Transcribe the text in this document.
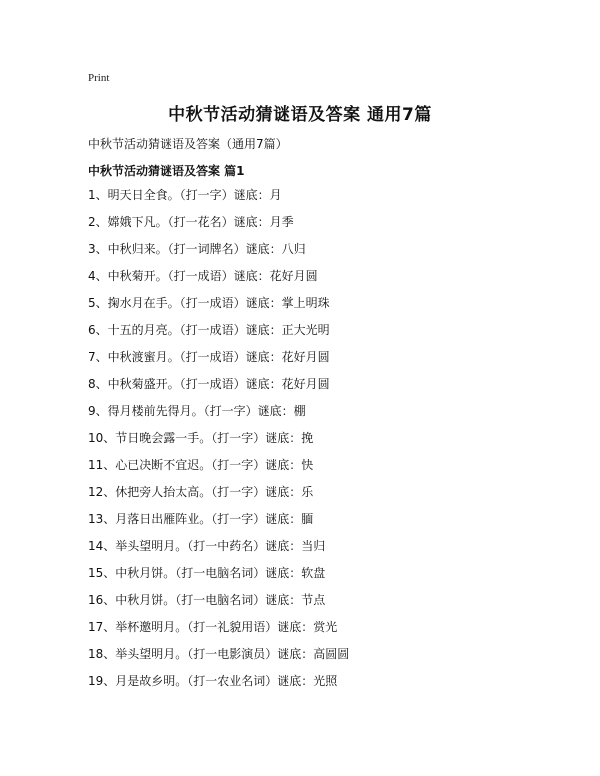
Print
中秋节活动猜谜语及答案 通用7篇
中秋节活动猜谜语及答案（通用7篇）
中秋节活动猜谜语及答案 篇1
1、明天日全食。（打一字）谜底：月
2、嫦娥下凡。（打一花名）谜底：月季
3、中秋归来。（打一词牌名）谜底：八归
4、中秋菊开。（打一成语）谜底：花好月圆
5、掬水月在手。（打一成语）谜底：掌上明珠
6、十五的月亮。（打一成语）谜底：正大光明
7、中秋渡蜜月。（打一成语）谜底：花好月圆
8、中秋菊盛开。（打一成语）谜底：花好月圆
9、得月楼前先得月。（打一字）谜底：棚
10、节日晚会露一手。（打一字）谜底：挽
11、心已决断不宜迟。（打一字）谜底：快
12、休把旁人抬太高。（打一字）谜底：乐
13、月落日出雁阵业。（打一字）谜底：腼
14、举头望明月。（打一中药名）谜底：当归
15、中秋月饼。（打一电脑名词）谜底：软盘
16、中秋月饼。（打一电脑名词）谜底：节点
17、举杯邀明月。（打一礼貌用语）谜底：赏光
18、举头望明月。（打一电影演员）谜底：高圆圆
19、月是故乡明。（打一农业名词）谜底：光照
